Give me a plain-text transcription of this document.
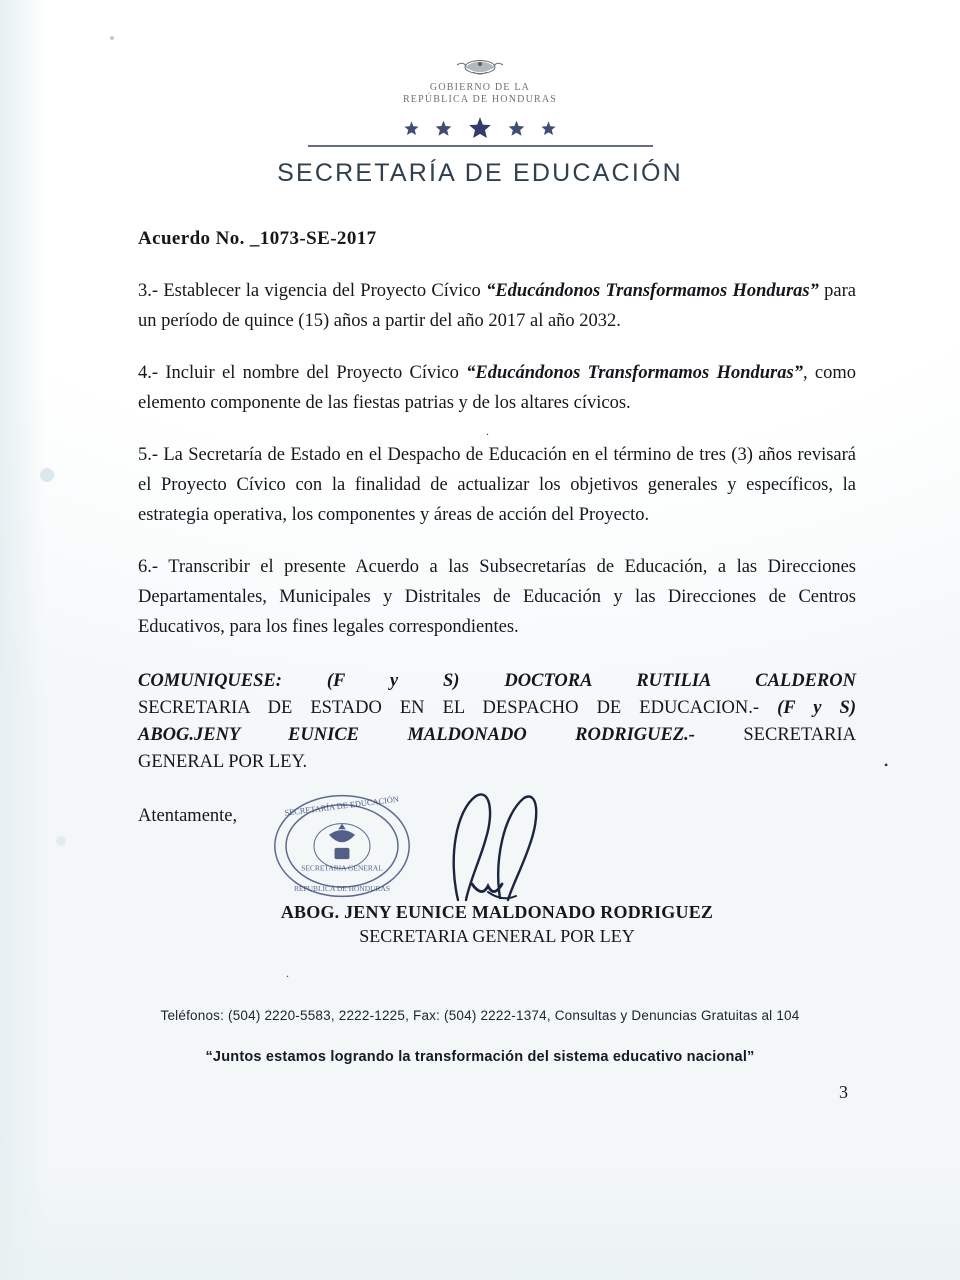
GOBIERNO DE LA
REPÚBLICA DE HONDURAS
SECRETARÍA DE EDUCACIÓN
Acuerdo No. _1073-SE-2017

3.- Establecer la vigencia del Proyecto Cívico “Educándonos Transformamos Honduras” para un período de quince (15) años a partir del año 2017 al año 2032.

4.- Incluir el nombre del Proyecto Cívico “Educándonos Transformamos Honduras”, como elemento componente de las fiestas patrias y de los altares cívicos.

5.- La Secretaría de Estado en el Despacho de Educación en el término de tres (3) años revisará el Proyecto Cívico con la finalidad de actualizar los objetivos generales y específicos, la estrategia operativa, los componentes y áreas de acción del Proyecto.

6.- Transcribir el presente Acuerdo a las Subsecretarías de Educación, a las Direcciones Departamentales, Municipales y Distritales de Educación y las Direcciones de Centros Educativos, para los fines legales correspondientes.

COMUNIQUESE: (F y S) DOCTORA RUTILIA CALDERON
SECRETARIA DE ESTADO EN EL DESPACHO DE EDUCACION.- (F y S)
ABOG.JENY EUNICE MALDONADO RODRIGUEZ.- SECRETARIA
GENERAL POR LEY.
Atentamente,	SECRETARÍA DE EDUCACIÓN
REPUBLICA DE HONDURAS
SECRETARIA GENERAL
ABOG. JENY EUNICE MALDONADO RODRIGUEZ
SECRETARIA GENERAL POR LEY
.
•
.
Teléfonos: (504) 2220-5583, 2222-1225, Fax: (504) 2222-1374, Consultas y Denuncias Gratuitas al 104
“Juntos estamos logrando la transformación del sistema educativo nacional”
3
